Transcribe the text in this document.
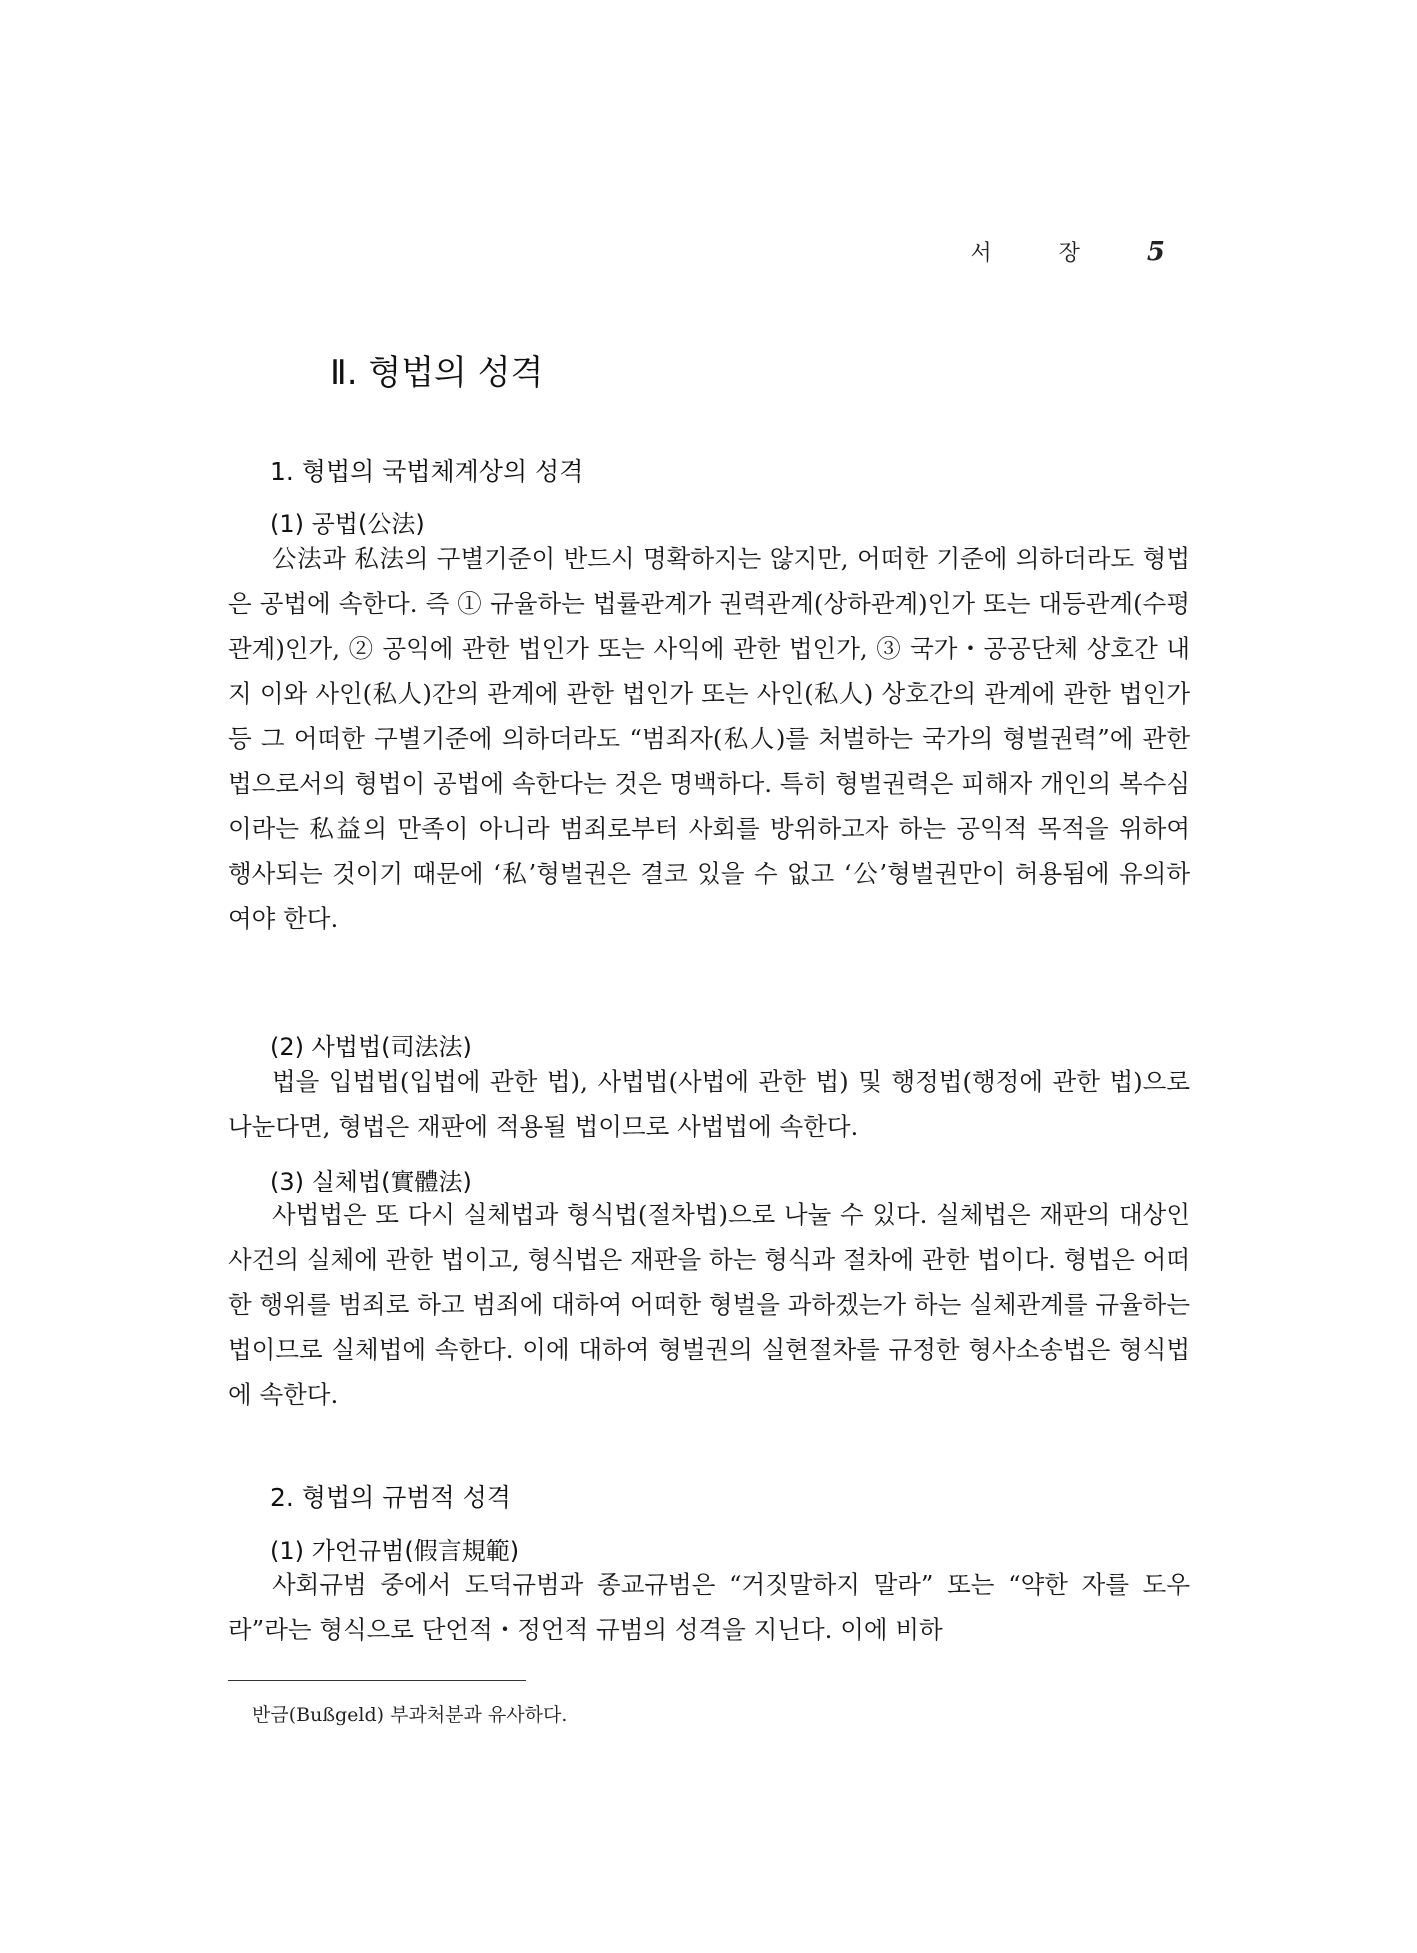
서 장 5
Ⅱ. 형법의 성격
1. 형법의 국법체계상의 성격
(1) 공법(公法)

公法과 私法의 구별기준이 반드시 명확하지는 않지만, 어떠한 기준에 의하더라도 형법은 공법에 속한다. 즉 ① 규율하는 법률관계가 권력관계(상하관계)인가 또는 대등관계(수평관계)인가, ② 공익에 관한 법인가 또는 사익에 관한 법인가, ③ 국가・공공단체 상호간 내지 이와 사인(私人)간의 관계에 관한 법인가 또는 사인(私人) 상호간의 관계에 관한 법인가 등 그 어떠한 구별기준에 의하더라도 “범죄자(私人)를 처벌하는 국가의 형벌권력”에 관한 법으로서의 형법이 공법에 속한다는 것은 명백하다. 특히 형벌권력은 피해자 개인의 복수심이라는 私益의 만족이 아니라 범죄로부터 사회를 방위하고자 하는 공익적 목적을 위하여 행사되는 것이기 때문에 ‘私’형벌권은 결코 있을 수 없고 ‘公’형벌권만이 허용됨에 유의하여야 한다.

(2) 사법법(司法法)

법을 입법법(입법에 관한 법), 사법법(사법에 관한 법) 및 행정법(행정에 관한 법)으로 나눈다면, 형법은 재판에 적용될 법이므로 사법법에 속한다.

(3) 실체법(實體法)

사법법은 또 다시 실체법과 형식법(절차법)으로 나눌 수 있다. 실체법은 재판의 대상인 사건의 실체에 관한 법이고, 형식법은 재판을 하는 형식과 절차에 관한 법이다. 형법은 어떠한 행위를 범죄로 하고 범죄에 대하여 어떠한 형벌을 과하겠는가 하는 실체관계를 규율하는 법이므로 실체법에 속한다. 이에 대하여 형벌권의 실현절차를 규정한 형사소송법은 형식법에 속한다.

2. 형법의 규범적 성격
(1) 가언규범(假言規範)

사회규범 중에서 도덕규범과 종교규범은 “거짓말하지 말라” 또는 “약한 자를 도우라”라는 형식으로 단언적・정언적 규범의 성격을 지닌다. 이에 비하

반금(Bußgeld) 부과처분과 유사하다.
